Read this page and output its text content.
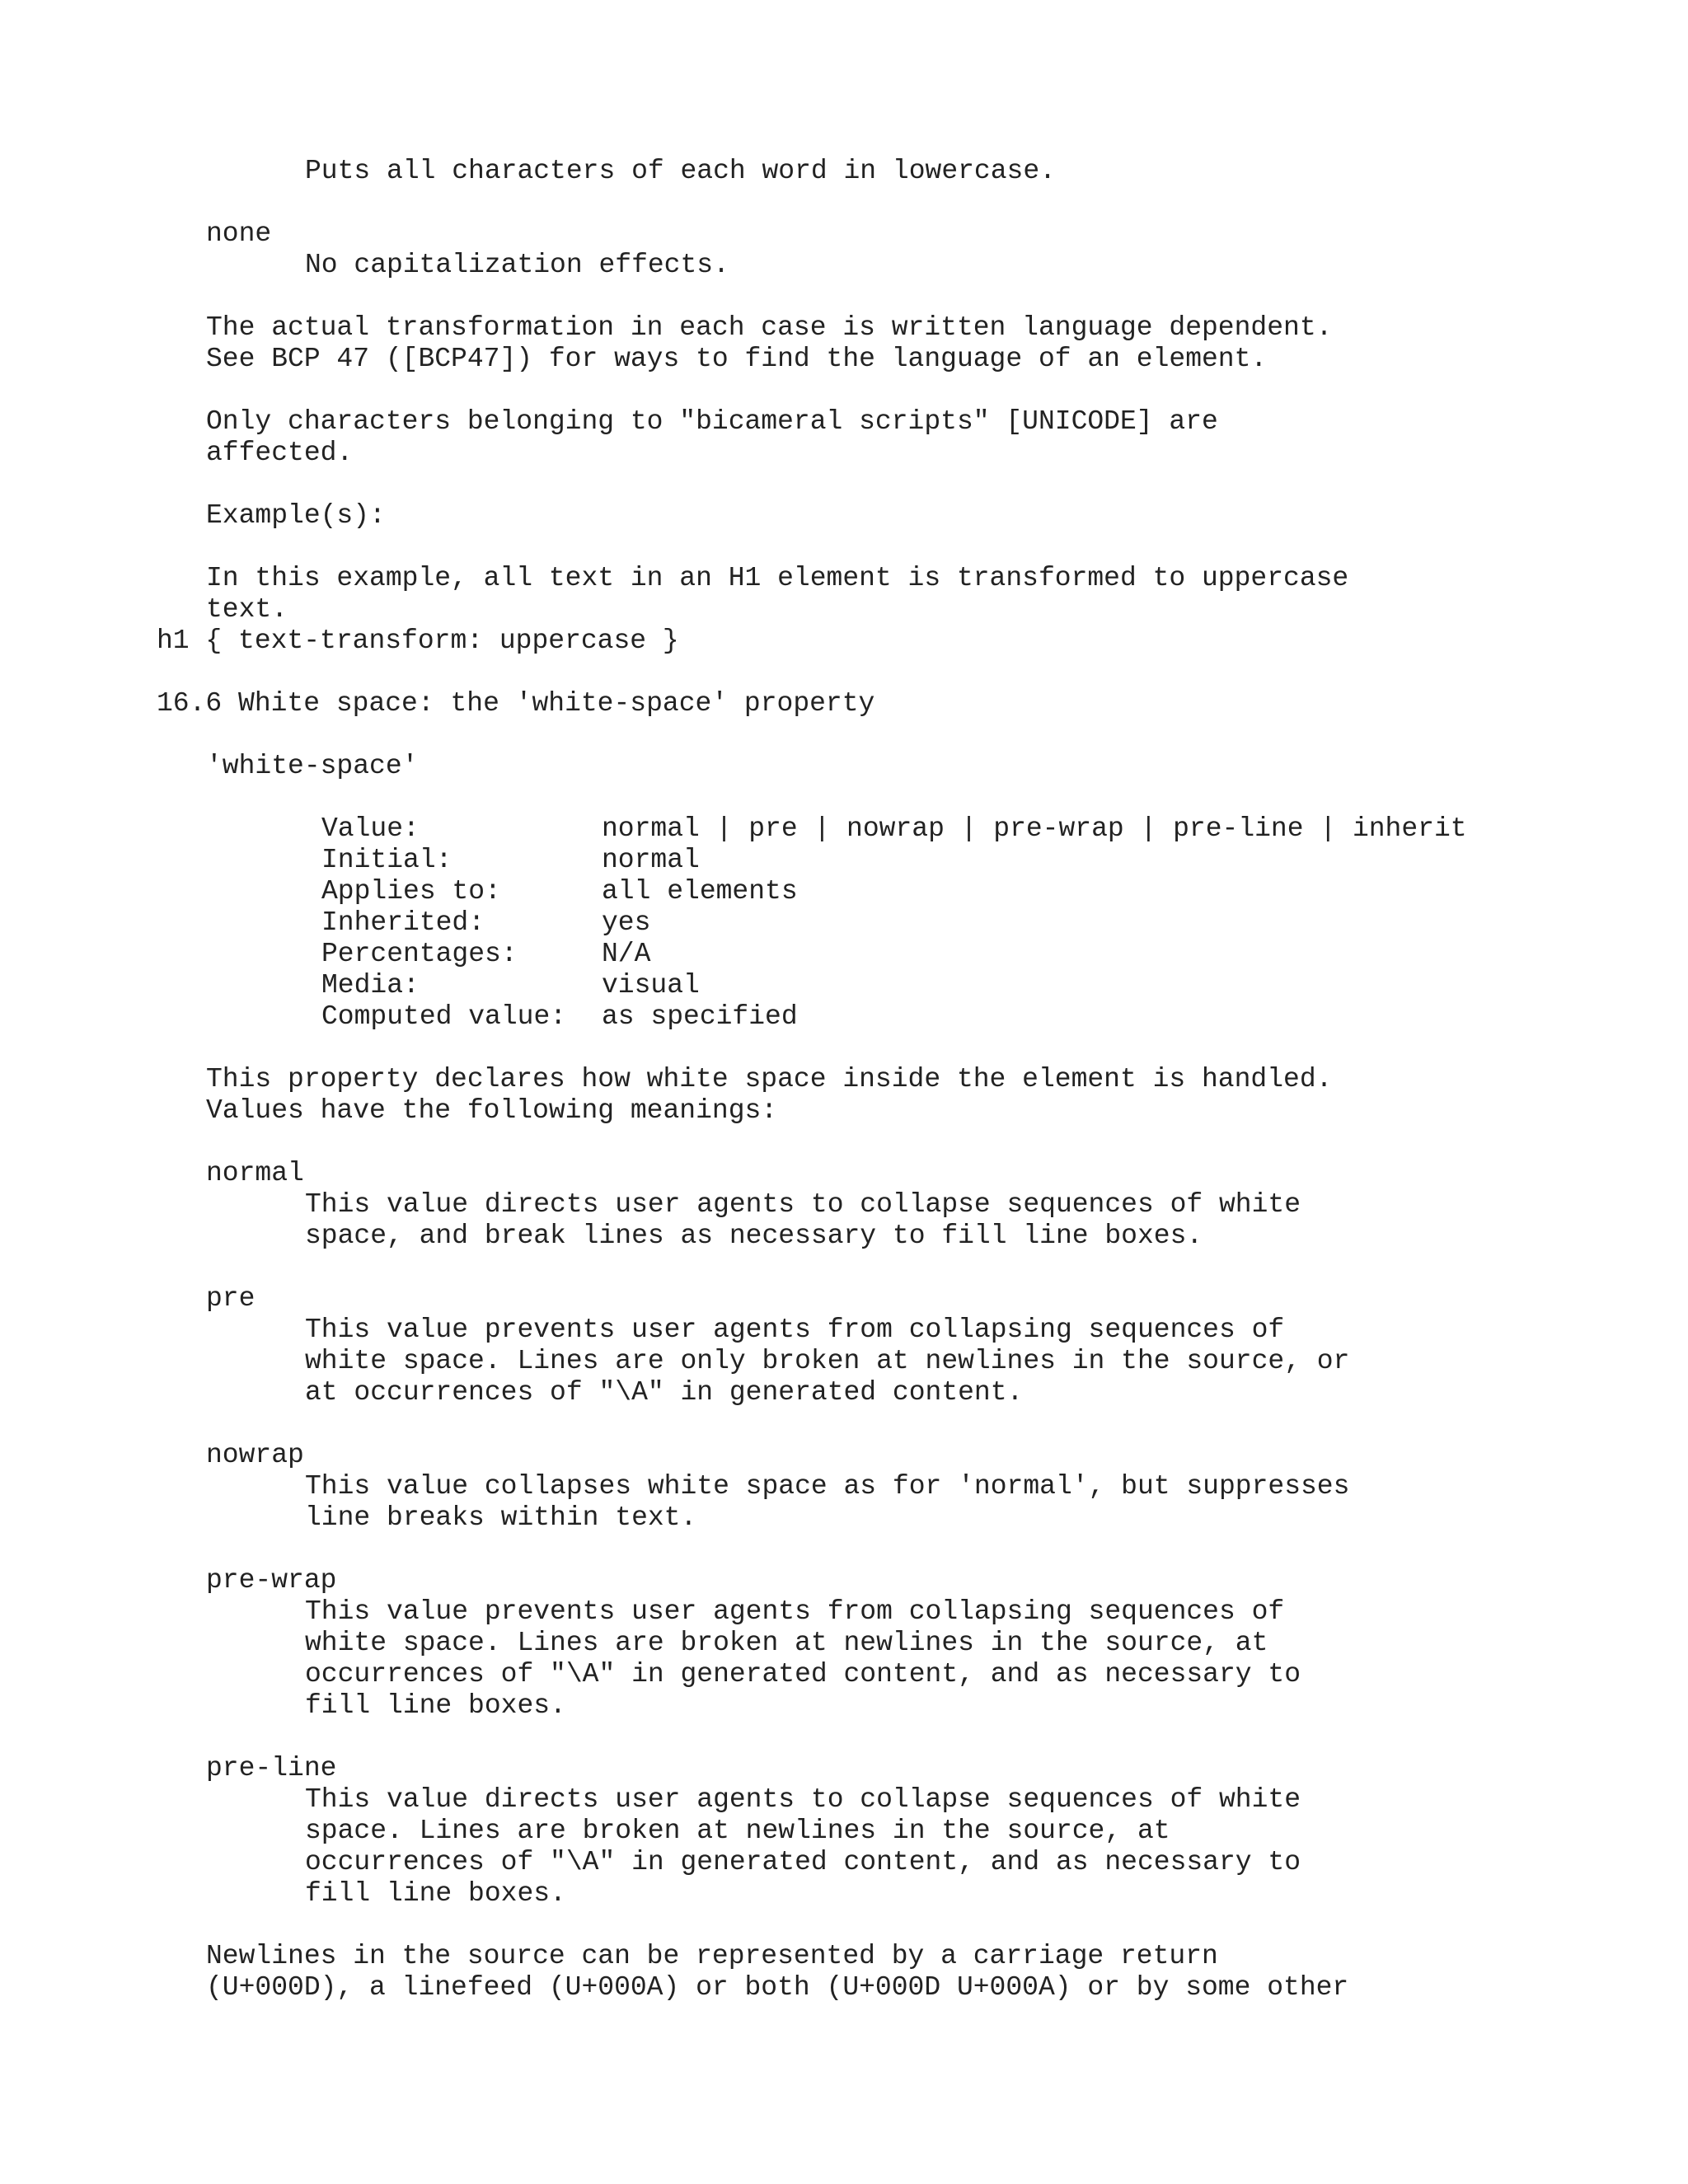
Puts all characters of each word in lowercase.

none

No capitalization effects.

The actual transformation in each case is written language dependent.

See BCP 47 ([BCP47]) for ways to find the language of an element.

Only characters belonging to "bicameral scripts" [UNICODE] are

affected.

Example(s):

In this example, all text in an H1 element is transformed to uppercase

text.

h1 { text-transform: uppercase }

16.6 White space: the 'white-space' property

'white-space'

Value:	normal | pre | nowrap | pre-wrap | pre-line | inherit

Initial:	normal

Applies to:	all elements

Inherited:	yes

Percentages:	N/A

Media:	visual

Computed value: as specified

This property declares how white space inside the element is handled.

Values have the following meanings:

normal

This value directs user agents to collapse sequences of white

space, and break lines as necessary to fill line boxes.

pre

This value prevents user agents from collapsing sequences of

white space. Lines are only broken at newlines in the source, or

at occurrences of "\A" in generated content.

nowrap

This value collapses white space as for 'normal', but suppresses

line breaks within text.

pre-wrap

This value prevents user agents from collapsing sequences of

white space. Lines are broken at newlines in the source, at

occurrences of "\A" in generated content, and as necessary to

fill line boxes.

pre-line

This value directs user agents to collapse sequences of white

space. Lines are broken at newlines in the source, at

occurrences of "\A" in generated content, and as necessary to

fill line boxes.

Newlines in the source can be represented by a carriage return

(U+000D), a linefeed (U+000A) or both (U+000D U+000A) or by some other
